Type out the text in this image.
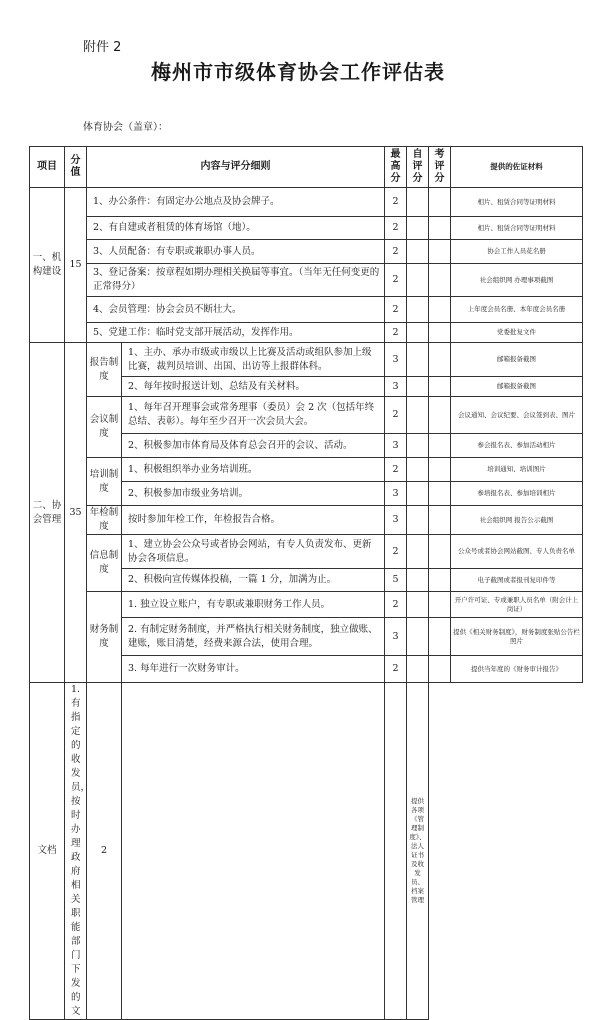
附件 2
梅州市市级体育协会工作评估表
体育协会（盖章）：
项目	分值	内容与评分细则		最高分	自评分	考评分	提供的佐证材料
一、机构建设	15	1、办公条件：有固定办公地点及协会牌子。		2			相片、租赁合同等证明材料
		2、有自建或者租赁的体育场馆（地）。		2			相片、租赁合同等证明材料
		3、人员配备：有专职或兼职办事人员。		2			协会工作人员花名册
		3、登记备案：按章程如期办理相关换届等事宜。（当年无任何变更的正常得分）		2			社会组织网 办理事项截图
		4、会员管理：协会会员不断壮大。		2			上年度会员名册、本年度会员名册
		5、党建工作：临时党支部开展活动，发挥作用。		2			党委批复文件
二、协会管理	35	报告制度	1、主办、承办市级或市级以上比赛及活动或组队参加上级比赛，裁判员培训、出国、出访等上报群体科。	3			邮箱报备截图
			2、每年按时报送计划、总结及有关材料。	3			邮箱报备截图
		会议制度	1、每年召开理事会或常务理事（委员）会 2 次（包括年终总结、表彰）。每年至少召开一次会员大会。	2			会议通知、会议纪要、会议签到表、图片
			2、积极参加市体育局及体育总会召开的会议、活动。	3			参会报名表、参加活动相片
		培训制度	1、积极组织举办业务培训班。	2			培训通知、培训图片
			2、积极参加市级业务培训。	3			参培报名表、参加培训相片
		年检制度	按时参加年检工作，年检报告合格。	3			社会组织网 报告公示截图
		信息制度	1、建立协会公众号或者协会网站，有专人负责发布、更新协会各项信息。	2			公众号或者协会网站截图、专人负责名单
			2、积极向宣传媒体投稿，一篇 1 分，加满为止。	5			电子截图或者报刊复印件等
		财务制度	1. 独立设立账户，有专职或兼职财务工作人员。	2			开户许可证、专或兼职人员名单（附会计上岗证）
			2. 有制定财务制度，并严格执行相关财务制度，独立做账、建账，账目清楚，经费来源合法，使用合理。	3			提供《相关财务制度》，财务制度张贴公告栏照片
			3. 每年进行一次财务审计。	2			提供当年度的《财务审计报告》
文档	1.有指定的收发员，按时办理政府相关职能部门下发的文	2			提供各项《管理制度》、法人证书及收发员、档案管理		
